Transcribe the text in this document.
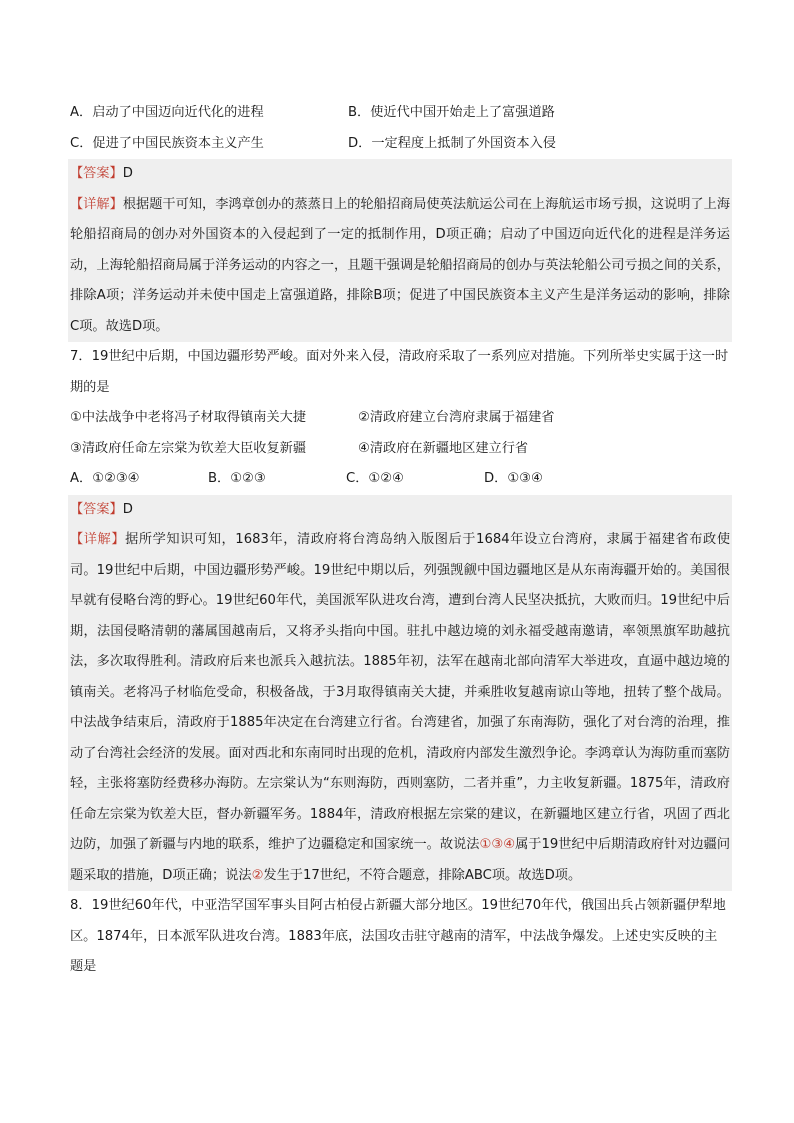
A．启动了中国迈向近代化的进程	B．使近代中国开始走上了富强道路
C．促进了中国民族资本主义产生	D．一定程度上抵制了外国资本入侵
【答案】D
【详解】根据题干可知，李鸿章创办的蒸蒸日上的轮船招商局使英法航运公司在上海航运市场亏损，这说明了上海轮船招商局的创办对外国资本的入侵起到了一定的抵制作用，D项正确；启动了中国迈向近代化的进程是洋务运动，上海轮船招商局属于洋务运动的内容之一，且题干强调是轮船招商局的创办与英法轮船公司亏损之间的关系，排除A项；洋务运动并未使中国走上富强道路，排除B项；促进了中国民族资本主义产生是洋务运动的影响，排除C项。故选D项。
7．19世纪中后期，中国边疆形势严峻。面对外来入侵，清政府采取了一系列应对措施。下列所举史实属于这一时期的是
①中法战争中老将冯子材取得镇南关大捷	②清政府建立台湾府隶属于福建省
③清政府任命左宗棠为钦差大臣收复新疆	④清政府在新疆地区建立行省
A．①②③④	B．①②③	C．①②④	D．①③④
【答案】D
【详解】据所学知识可知，1683年，清政府将台湾岛纳入版图后于1684年设立台湾府，隶属于福建省布政使司。19世纪中后期，中国边疆形势严峻。19世纪中期以后，列强觊觎中国边疆地区是从东南海疆开始的。美国很早就有侵略台湾的野心。19世纪60年代，美国派军队进攻台湾，遭到台湾人民坚决抵抗，大败而归。19世纪中后期，法国侵略清朝的藩属国越南后，又将矛头指向中国。驻扎中越边境的刘永福受越南邀请，率领黑旗军助越抗法，多次取得胜利。清政府后来也派兵入越抗法。1885年初，法军在越南北部向清军大举进攻，直逼中越边境的镇南关。老将冯子材临危受命，积极备战，于3月取得镇南关大捷，并乘胜收复越南谅山等地，扭转了整个战局。中法战争结束后，清政府于1885年决定在台湾建立行省。台湾建省，加强了东南海防，强化了对台湾的治理，推动了台湾社会经济的发展。面对西北和东南同时出现的危机，清政府内部发生激烈争论。李鸿章认为海防重而塞防轻，主张将塞防经费移办海防。左宗棠认为“东则海防，西则塞防，二者并重”，力主收复新疆。1875年，清政府任命左宗棠为钦差大臣，督办新疆军务。1884年，清政府根据左宗棠的建议，在新疆地区建立行省，巩固了西北边防，加强了新疆与内地的联系，维护了边疆稳定和国家统一。故说法①③④属于19世纪中后期清政府针对边疆问题采取的措施，D项正确；说法②发生于17世纪，不符合题意，排除ABC项。故选D项。
8．19世纪60年代，中亚浩罕国军事头目阿古柏侵占新疆大部分地区。19世纪70年代，俄国出兵占领新疆伊犁地区。1874年，日本派军队进攻台湾。1883年底，法国攻击驻守越南的清军，中法战争爆发。上述史实反映的主题是
